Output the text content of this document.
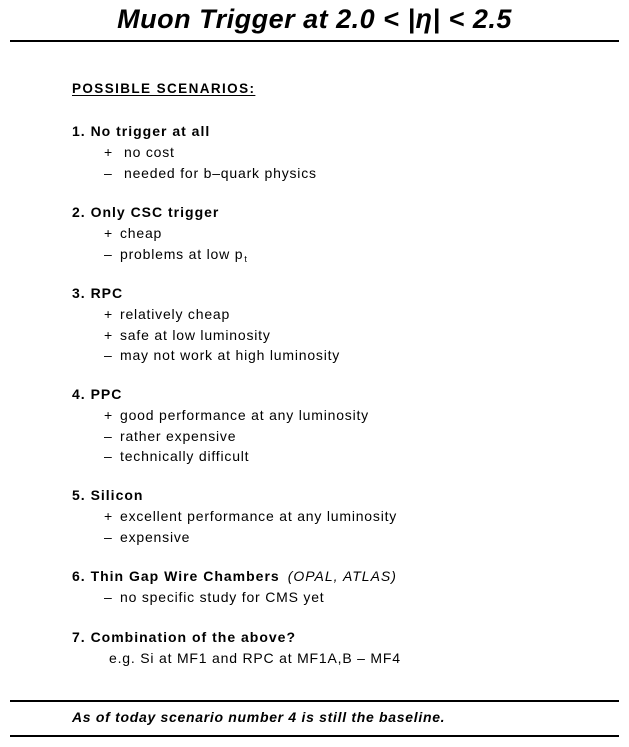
Muon Trigger at 2.0 < |η| < 2.5
POSSIBLE SCENARIOS:
1. No trigger at all
+ no cost
– needed for b–quark physics
2. Only CSC trigger
+ cheap
– problems at low $p_t$
3. RPC
+ relatively cheap
+ safe at low luminosity
– may not work at high luminosity
4. PPC
+ good performance at any luminosity
– rather expensive
– technically difficult
5. Silicon
+ excellent performance at any luminosity
– expensive
6. Thin Gap Wire Chambers (OPAL, ATLAS)
– no specific study for CMS yet
7. Combination of the above?
e.g. Si at MF1 and RPC at MF1A,B – MF4
As of today scenario number 4 is still the baseline.
